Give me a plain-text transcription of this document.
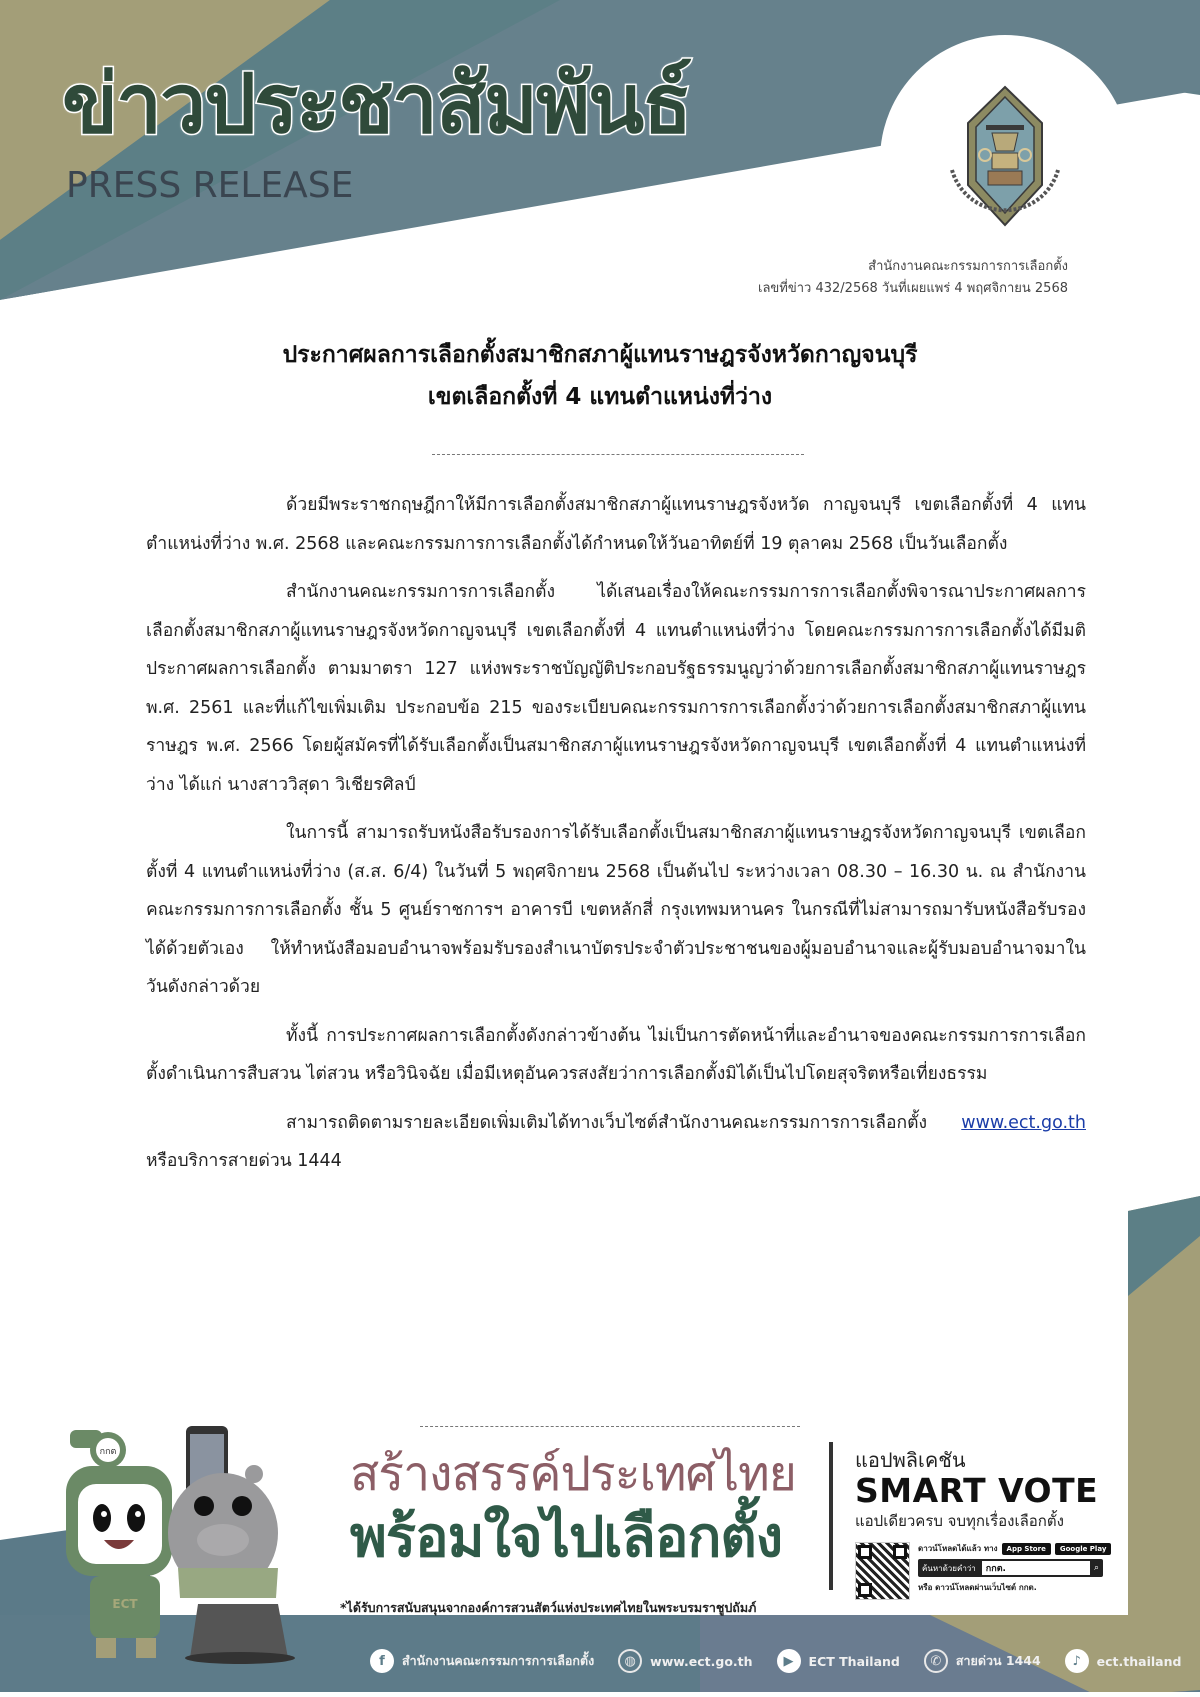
ข่าวประชาสัมพันธ์
PRESS RELEASE
สำนักงานคณะกรรมการการเลือกตั้ง
เลขที่ข่าว 432/2568 วันที่เผยแพร่ 4 พฤศจิกายน 2568
ประกาศผลการเลือกตั้งสมาชิกสภาผู้แทนราษฎรจังหวัดกาญจนบุรี
เขตเลือกตั้งที่ 4 แทนตำแหน่งที่ว่าง

ด้วยมีพระราชกฤษฎีกาให้มีการเลือกตั้งสมาชิกสภาผู้แทนราษฎรจังหวัด กาญจนบุรี เขตเลือกตั้งที่ 4 แทนตำแหน่งที่ว่าง พ.ศ. 2568 และคณะกรรมการการเลือกตั้งได้กำหนดให้วันอาทิตย์ที่ 19 ตุลาคม 2568 เป็นวันเลือกตั้ง

สำนักงานคณะกรรมการการเลือกตั้ง ได้เสนอเรื่องให้คณะกรรมการการเลือกตั้งพิจารณาประกาศผลการเลือกตั้งสมาชิกสภาผู้แทนราษฎรจังหวัดกาญจนบุรี เขตเลือกตั้งที่ 4 แทนตำแหน่งที่ว่าง โดยคณะกรรมการการเลือกตั้งได้มีมติประกาศผลการเลือกตั้ง ตามมาตรา 127 แห่งพระราชบัญญัติประกอบรัฐธรรมนูญว่าด้วยการเลือกตั้งสมาชิกสภาผู้แทนราษฎร พ.ศ. 2561 และที่แก้ไขเพิ่มเติม ประกอบข้อ 215 ของระเบียบคณะกรรมการการเลือกตั้งว่าด้วยการเลือกตั้งสมาชิกสภาผู้แทนราษฎร พ.ศ. 2566 โดยผู้สมัครที่ได้รับเลือกตั้งเป็นสมาชิกสภาผู้แทนราษฎรจังหวัดกาญจนบุรี เขตเลือกตั้งที่ 4 แทนตำแหน่งที่ว่าง ได้แก่ นางสาววิสุดา วิเชียรศิลป์

ในการนี้ สามารถรับหนังสือรับรองการได้รับเลือกตั้งเป็นสมาชิกสภาผู้แทนราษฎรจังหวัดกาญจนบุรี เขตเลือกตั้งที่ 4 แทนตำแหน่งที่ว่าง (ส.ส. 6/4) ในวันที่ 5 พฤศจิกายน 2568 เป็นต้นไป ระหว่างเวลา 08.30 – 16.30 น. ณ สำนักงานคณะกรรมการการเลือกตั้ง ชั้น 5 ศูนย์ราชการฯ อาคารบี เขตหลักสี่ กรุงเทพมหานคร ในกรณีที่ไม่สามารถมารับหนังสือรับรองได้ด้วยตัวเอง ให้ทำหนังสือมอบอำนาจพร้อมรับรองสำเนาบัตรประจำตัวประชาชนของผู้มอบอำนาจและผู้รับมอบอำนาจมาในวันดังกล่าวด้วย

ทั้งนี้ การประกาศผลการเลือกตั้งดังกล่าวข้างต้น ไม่เป็นการตัดหน้าที่และอำนาจของคณะกรรมการการเลือกตั้งดำเนินการสืบสวน ไต่สวน หรือวินิจฉัย เมื่อมีเหตุอันควรสงสัยว่าการเลือกตั้งมิได้เป็นไปโดยสุจริตหรือเที่ยงธรรม

สามารถติดตามรายละเอียดเพิ่มเติมได้ทางเว็บไซต์สำนักงานคณะกรรมการการเลือกตั้ง www.ect.go.th หรือบริการสายด่วน 1444

กกต
ECT
สร้างสรรค์ประเทศไทย
พร้อมใจไปเลือกตั้ง
*ได้รับการสนับสนุนจากองค์การสวนสัตว์แห่งประเทศไทยในพระบรมราชูปถัมภ์
แอปพลิเคชัน
SMART VOTE
แอปเดียวครบ จบทุกเรื่องเลือกตั้ง
ดาวน์โหลดได้แล้ว ทาง	App Store	Google Play
ค้นหาด้วยคำว่า	กกต.	⌕
หรือ ดาวน์โหลดผ่านเว็บไซต์ กกต.
f	สำนักงานคณะกรรมการการเลือกตั้ง	◍	www.ect.go.th	▶	ECT Thailand	✆	สายด่วน 1444	♪	ect.thailand
